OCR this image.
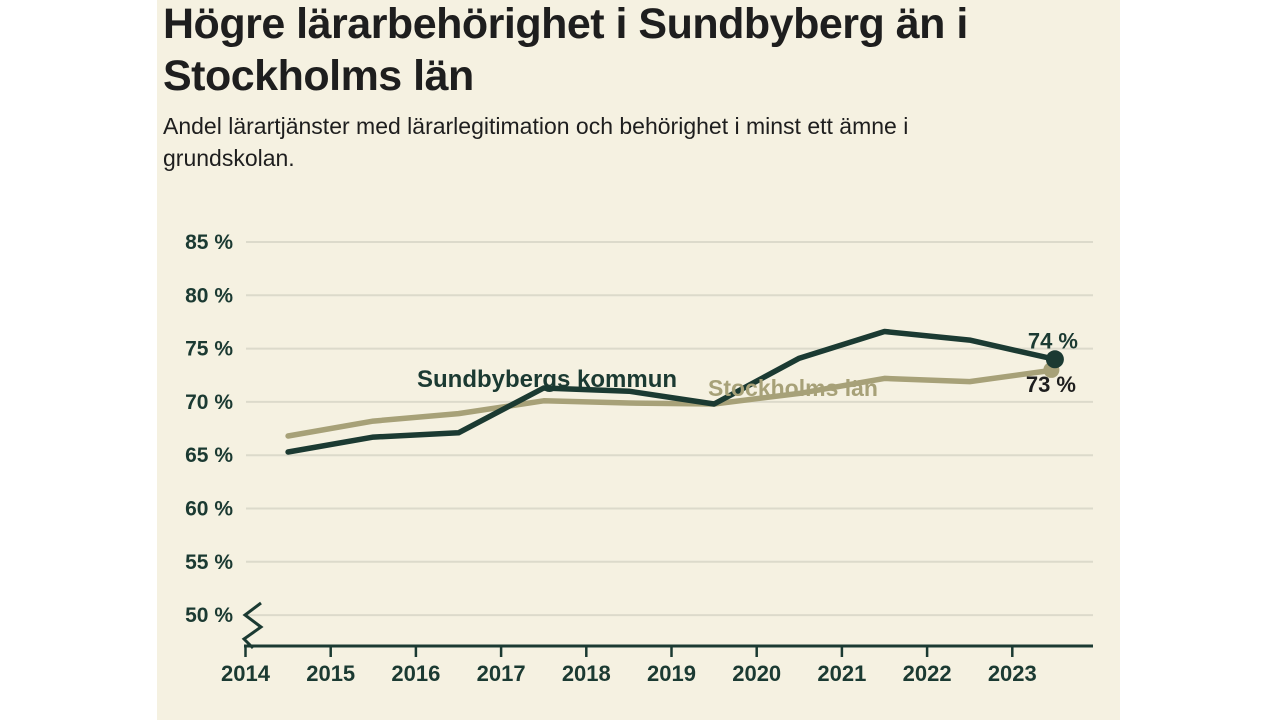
Högre lärarbehörighet i Sundbyberg än i
Stockholms län

Andel lärartjänster med lärarlegitimation och behörighet i minst ett ämne i
grundskolan.

85 %
80 %
75 %
70 %
65 %
60 %
55 %
50 %
2014 2015 2016 2017 2018 2019 2020 2021 2022 2023
Sundbybergs kommun Stockholms län
74 %
73 %
